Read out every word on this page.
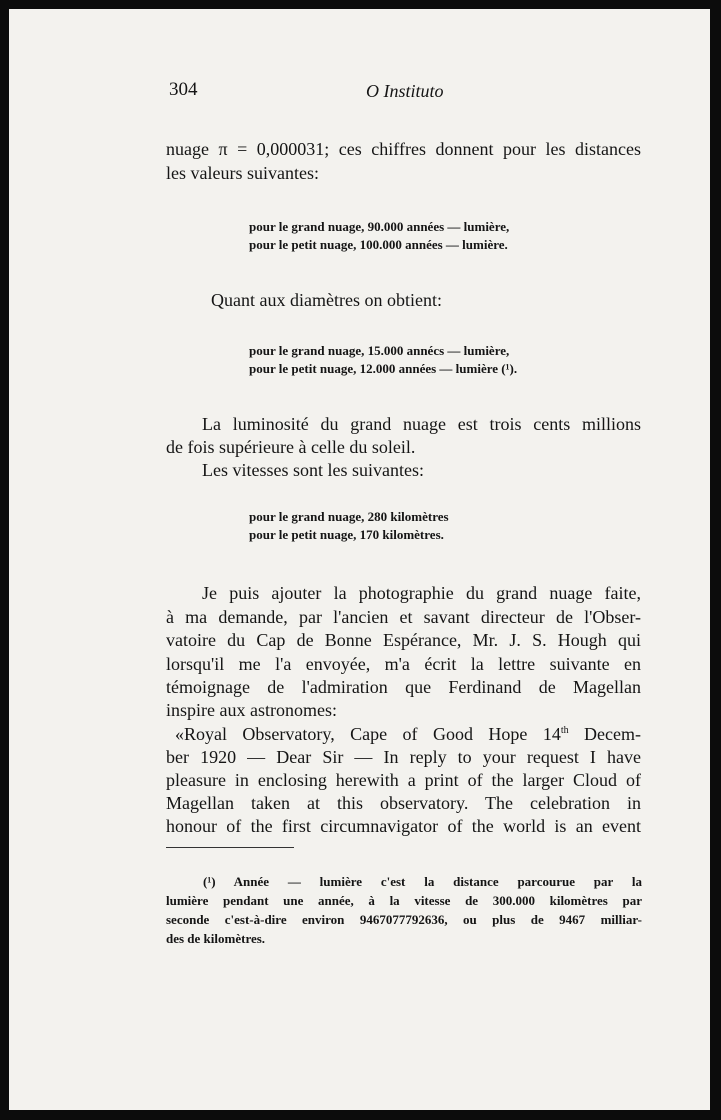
304	O Instituto
nuage π = 0,000031; ces chiffres donnent pour les distances
les valeurs suivantes:
pour le grand nuage, 90.000 années — lumière,
pour le petit nuage, 100.000 années — lumière.
Quant aux diamètres on obtient:
pour le grand nuage, 15.000 annécs — lumière,
pour le petit nuage, 12.000 années — lumière (¹).
La luminosité du grand nuage est trois cents millions
de fois supérieure à celle du soleil.
Les vitesses sont les suivantes:
pour le grand nuage, 280 kilomètres
pour le petit nuage, 170 kilomètres.
Je puis ajouter la photographie du grand nuage faite,
à ma demande, par l'ancien et savant directeur de l'Obser-
vatoire du Cap de Bonne Espérance, Mr. J. S. Hough qui
lorsqu'il me l'a envoyée, m'a écrit la lettre suivante en
témoignage de l'admiration que Ferdinand de Magellan
inspire aux astronomes:
«Royal Observatory, Cape of Good Hope 14th Decem-
ber 1920 — Dear Sir — In reply to your request I have
pleasure in enclosing herewith a print of the larger Cloud of
Magellan taken at this observatory. The celebration in
honour of the first circumnavigator of the world is an event
(¹) Année — lumière c'est la distance parcourue par la
lumière pendant une année, à la vitesse de 300.000 kilomètres par
seconde c'est-à-dire environ 9467077792636, ou plus de 9467 milliar-
des de kilomètres.
